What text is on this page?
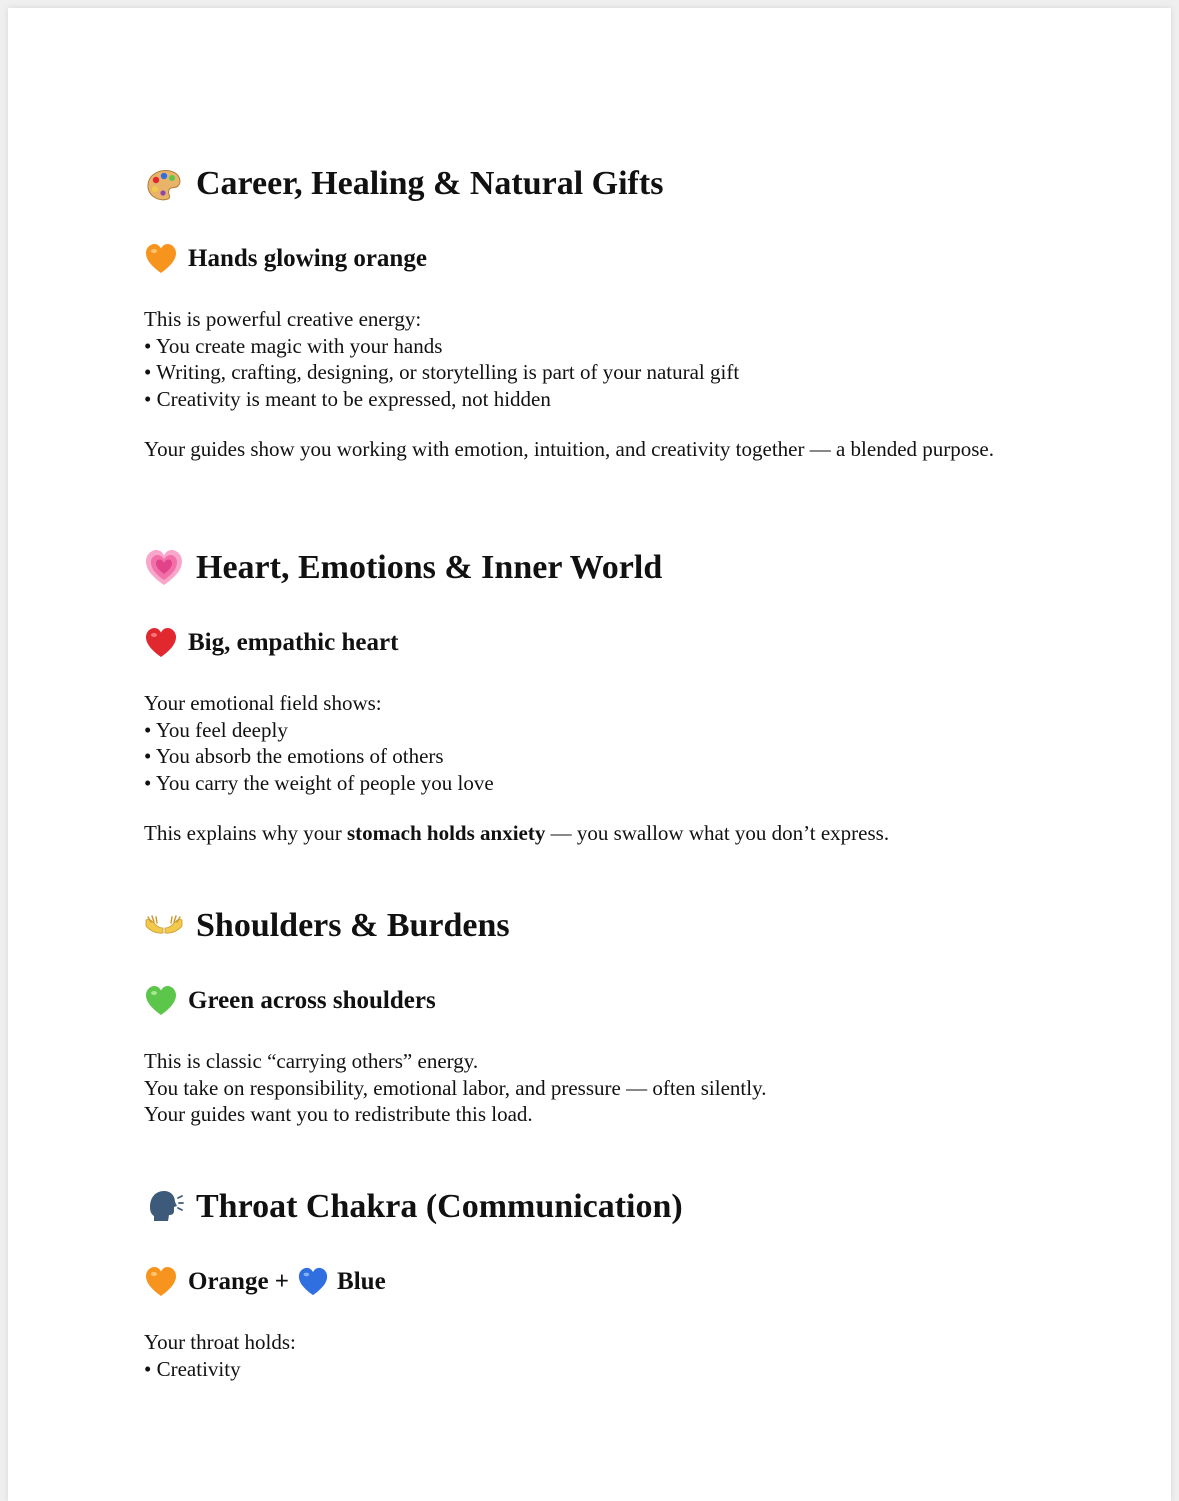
Career, Healing & Natural Gifts
Hands glowing orange
This is powerful creative energy:
• You create magic with your hands
• Writing, crafting, designing, or storytelling is part of your natural gift
• Creativity is meant to be expressed, not hidden
Your guides show you working with emotion, intuition, and creativity together — a blended purpose.
Heart, Emotions & Inner World
Big, empathic heart
Your emotional field shows:
• You feel deeply
• You absorb the emotions of others
• You carry the weight of people you love
This explains why your stomach holds anxiety — you swallow what you don’t express.
Shoulders & Burdens
Green across shoulders
This is classic “carrying others” energy.
You take on responsibility, emotional labor, and pressure — often silently.
Your guides want you to redistribute this load.
Throat Chakra (Communication)
Orange + Blue
Your throat holds:
• Creativity
